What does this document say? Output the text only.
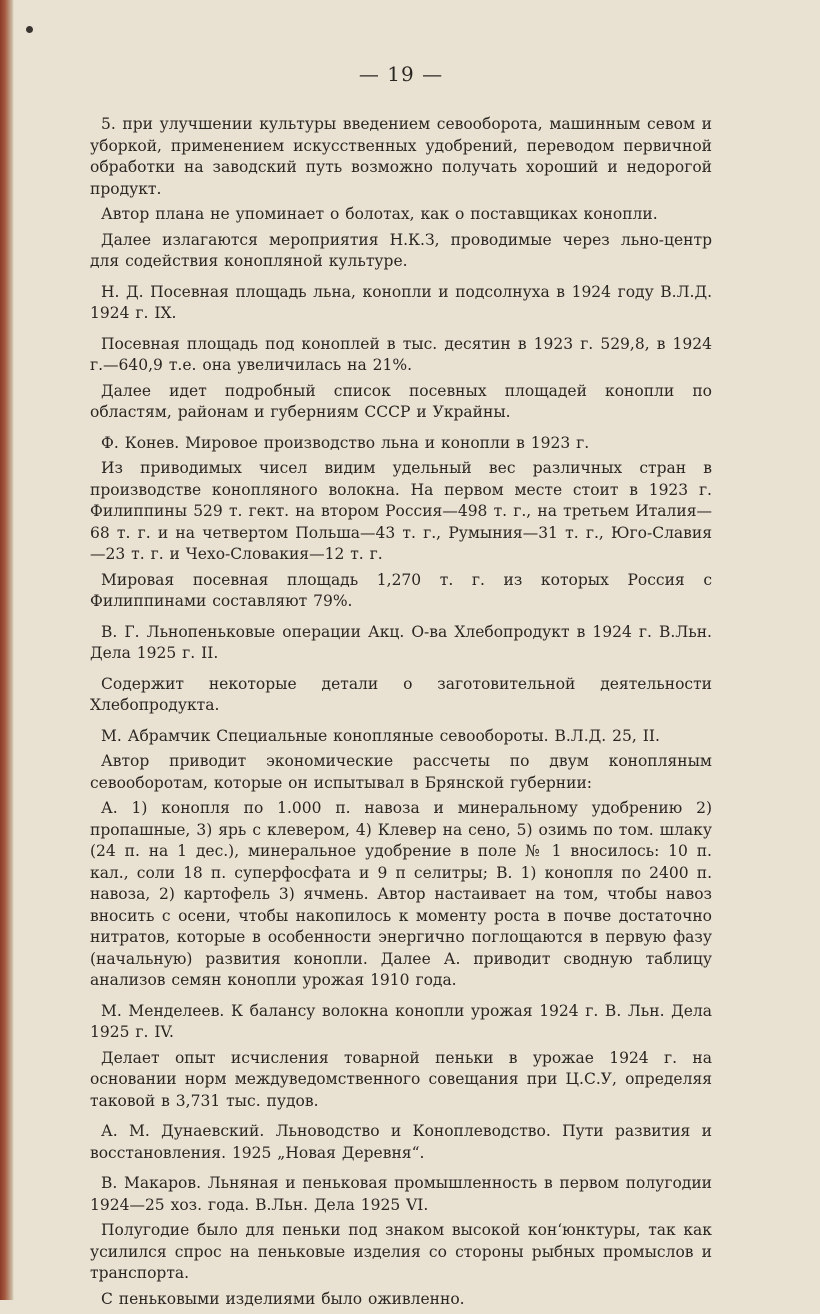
— 19 —

5. при улучшении культуры введением севооборота, машинным севом и уборкой, применением искусственных удобрений, переводом первичной обработки на заводский путь возможно получать хороший и недорогой продукт.

Автор плана не упоминает о болотах, как о поставщиках конопли.

Далее излагаются мероприятия Н.К.З, проводимые через льно-центр для содействия конопляной культуре.

Н. Д. Посевная площадь льна, конопли и подсолнуха в 1924 году В.Л.Д. 1924 г. IX.

Посевная площадь под коноплей в тыс. десятин в 1923 г. 529,8, в 1924 г.—640,9 т.е. она увеличилась на 21%.

Далее идет подробный список посевных площадей конопли по областям, районам и губерниям СССР и Украйны.

Ф. Конев. Мировое производство льна и конопли в 1923 г.

Из приводимых чисел видим удельный вес различных стран в производстве конопляного волокна. На первом месте стоит в 1923 г. Филиппины 529 т. гект. на втором Россия—498 т. г., на третьем Италия—68 т. г. и на четвертом Польша—43 т. г., Румыния—31 т. г., Юго-Славия—23 т. г. и Чехо-Словакия—12 т. г.

Мировая посевная площадь 1,270 т. г. из которых Россия с Филиппинами составляют 79%.

В. Г. Льнопеньковые операции Акц. О-ва Хлебопродукт в 1924 г. В.Льн. Дела 1925 г. II.

Содержит некоторые детали о заготовительной деятельности Хлебопродукта.

М. Абрамчик Специальные конопляные севообороты. В.Л.Д. 25, II.

Автор приводит экономические рассчеты по двум конопляным севооборотам, которые он испытывал в Брянской губернии:

А. 1) конопля по 1.000 п. навоза и минеральному удобрению 2) пропашные, 3) ярь с клевером, 4) Клевер на сено, 5) озимь по том. шлаку (24 п. на 1 дес.), минеральное удобрение в поле № 1 вносилось: 10 п. кал., соли 18 п. суперфосфата и 9 п селитры; В. 1) конопля по 2400 п. навоза, 2) картофель 3) ячмень. Автор настаивает на том, чтобы навоз вносить с осени, чтобы накопилось к моменту роста в почве достаточно нитратов, которые в особенности энергично поглощаются в первую фазу (начальную) развития конопли. Далее А. приводит сводную таблицу анализов семян конопли урожая 1910 года.

М. Менделеев. К балансу волокна конопли урожая 1924 г. В. Льн. Дела 1925 г. IV.

Делает опыт исчисления товарной пеньки в урожае 1924 г. на основании норм междуведомственного совещания при Ц.С.У, определяя таковой в 3,731 тыс. пудов.

А. М. Дунаевский. Льноводство и Коноплеводство. Пути развития и восстановления. 1925 „Новая Деревня“.

В. Макаров. Льняная и пеньковая промышленность в первом полугодии 1924—25 хоз. года. В.Льн. Дела 1925 VI.

Полугодие было для пеньки под знаком высокой кон‘юнктуры, так как усилился спрос на пеньковые изделия со стороны рыбных промыслов и транспорта.

С пеньковыми изделиями было оживленно.
